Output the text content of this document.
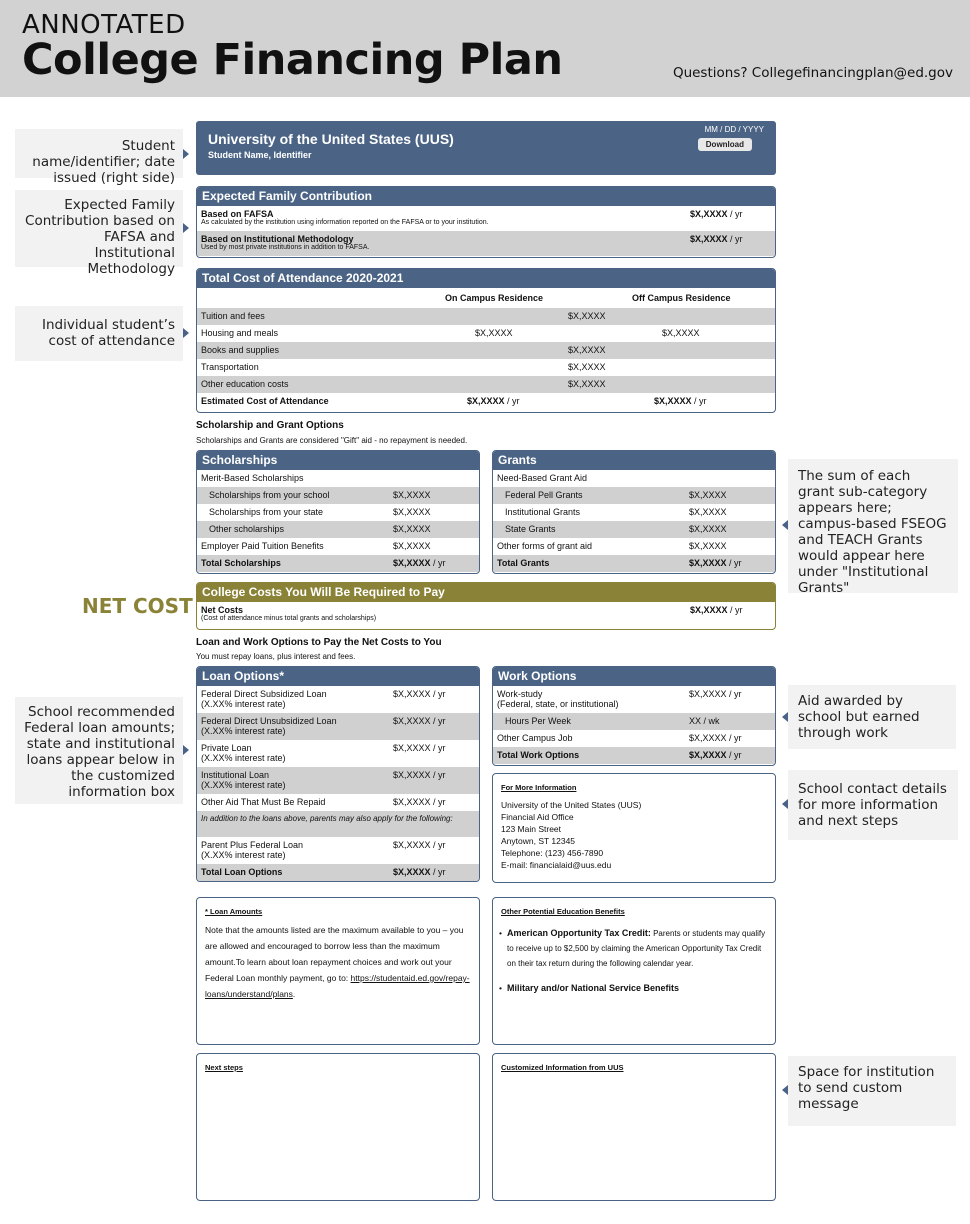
ANNOTATED
College Financing Plan	Questions? Collegefinancingplan@ed.gov
Student name/identifier; date issued (right side)
Expected Family Contribution based on FAFSA and Institutional Methodology
Individual student’s cost of attendance
NET COST
School recommended Federal loan amounts; state and institutional loans appear below in the customized information box
The sum of each grant sub-category appears here; campus-based FSEOG and TEACH Grants would appear here under "Institutional Grants"
Aid awarded by school but earned through work
School contact details for more information and next steps
Space for institution to send custom message
University of the United States (UUS)
Student Name, Identifier
MM / DD / YYYY
Download
Expected Family Contribution
Based on FAFSA
As calculated by the institution using information reported on the FAFSA or to your institution.
$X,XXXX / yr
Based on Institutional Methodology
Used by most private institutions in addition to FAFSA.
$X,XXXX / yr
Total Cost of Attendance 2020-2021
On Campus Residence	Off Campus Residence
Tuition and fees	$X,XXXX
Housing and meals	$X,XXXX	$X,XXXX
Books and supplies	$X,XXXX
Transportation	$X,XXXX
Other education costs	$X,XXXX
Estimated Cost of Attendance	$X,XXXX / yr	$X,XXXX / yr
Scholarship and Grant Options
Scholarships and Grants are considered "Gift" aid - no repayment is needed.
Scholarships
Merit-Based Scholarships
Scholarships from your school	$X,XXXX
Scholarships from your state	$X,XXXX
Other scholarships	$X,XXXX
Employer Paid Tuition Benefits	$X,XXXX
Total Scholarships	$X,XXXX / yr
Grants
Need-Based Grant Aid
Federal Pell Grants	$X,XXXX
Institutional Grants	$X,XXXX
State Grants	$X,XXXX
Other forms of grant aid	$X,XXXX
Total Grants	$X,XXXX / yr
College Costs You Will Be Required to Pay
Net Costs
(Cost of attendance minus total grants and scholarships)
$X,XXXX / yr
Loan and Work Options to Pay the Net Costs to You
You must repay loans, plus interest and fees.
Loan Options*
Federal Direct Subsidized Loan
(X.XX% interest rate)
$X,XXXX / yr
Federal Direct Unsubsidized Loan
(X.XX% interest rate)
$X,XXXX / yr
Private Loan
(X.XX% interest rate)
$X,XXXX / yr
Institutional Loan
(X.XX% interest rate)
$X,XXXX / yr
Other Aid That Must Be Repaid	$X,XXXX / yr
In addition to the loans above, parents may also apply for the following:
Parent Plus Federal Loan
(X.XX% interest rate)
$X,XXXX / yr
Total Loan Options	$X,XXXX / yr
Work Options
Work-study
(Federal, state, or institutional)
$X,XXXX / yr
Hours Per Week	XX / wk
Other Campus Job	$X,XXXX / yr
Total Work Options	$X,XXXX / yr
For More Information
University of the United States (UUS)
Financial Aid Office
123 Main Street
Anytown, ST 12345
Telephone: (123) 456-7890
E-mail: financialaid@uus.edu
* Loan Amounts
Note that the amounts listed are the maximum available to you – you are allowed and encouraged to borrow less than the maximum amount.To learn about loan repayment choices and work out your Federal Loan monthly payment, go to: https://studentaid.ed.gov/repay-loans/understand/plans.
Other Potential Education Benefits
• American Opportunity Tax Credit: Parents or students may qualify to receive up to $2,500 by claiming the American Opportunity Tax Credit on their tax return during the following calendar year.
• Military and/or National Service Benefits
Next steps	Customized Information from UUS
